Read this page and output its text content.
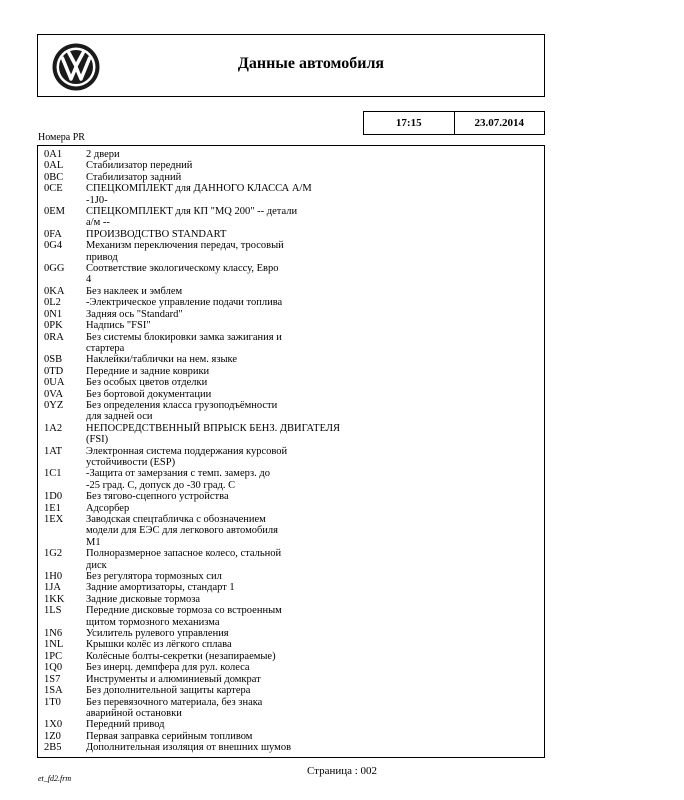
Данные автомобиля
17:15	23.07.2014
Номера PR
0A1	2 двери
0AL	Стабилизатор передний
0BC	Стабилизатор задний
0CE	СПЕЦКОМПЛЕКТ для ДАННОГО КЛАССА А/М
-1J0-
0EM	СПЕЦКОМПЛЕКТ для КП "MQ 200" -- детали
а/м --
0FA	ПРОИЗВОДСТВО STANDART
0G4	Механизм переключения передач, тросовый
привод
0GG	Соответствие экологическому классу, Евро
4
0KA	Без наклеек и эмблем
0L2	-Электрическое управление подачи топлива
0N1	Задняя ось "Standard"
0PK	Надпись "FSI"
0RA	Без системы блокировки замка зажигания и
стартера
0SB	Наклейки/таблички на нем. языке
0TD	Передние и задние коврики
0UA	Без особых цветов отделки
0VA	Без бортовой документации
0YZ	Без определения класса грузоподъёмности
для задней оси
1A2	НЕПОСРЕДСТВЕННЫЙ ВПРЫСК БЕНЗ. ДВИГАТЕЛЯ
(FSI)
1AT	Электронная система поддержания курсовой
устойчивости (ESP)
1C1	-Защита от замерзания с темп. замерз. до
-25 град. С, допуск до -30 град. С
1D0	Без тягово-сцепного устройства
1E1	Адсорбер
1EX	Заводская спецтабличка с обозначением
модели для ЕЭС для легкового автомобиля
M1
1G2	Полноразмерное запасное колесо, стальной
диск
1H0	Без регулятора тормозных сил
1JA	Задние амортизаторы, стандарт 1
1KK	Задние дисковые тормоза
1LS	Передние дисковые тормоза со встроенным
щитом тормозного механизма
1N6	Усилитель рулевого управления
1NL	Крышки колёс из лёгкого сплава
1PC	Колёсные болты-секретки (незапираемые)
1Q0	Без инерц. демпфера для рул. колеса
1S7	Инструменты и алюминиевый домкрат
1SA	Без дополнительной защиты картера
1T0	Без перевязочного материала, без знака
аварийной остановки
1X0	Передний привод
1Z0	Первая заправка серийным топливом
2B5	Дополнительная изоляция от внешних шумов
Страница : 002
et_fd2.frm
